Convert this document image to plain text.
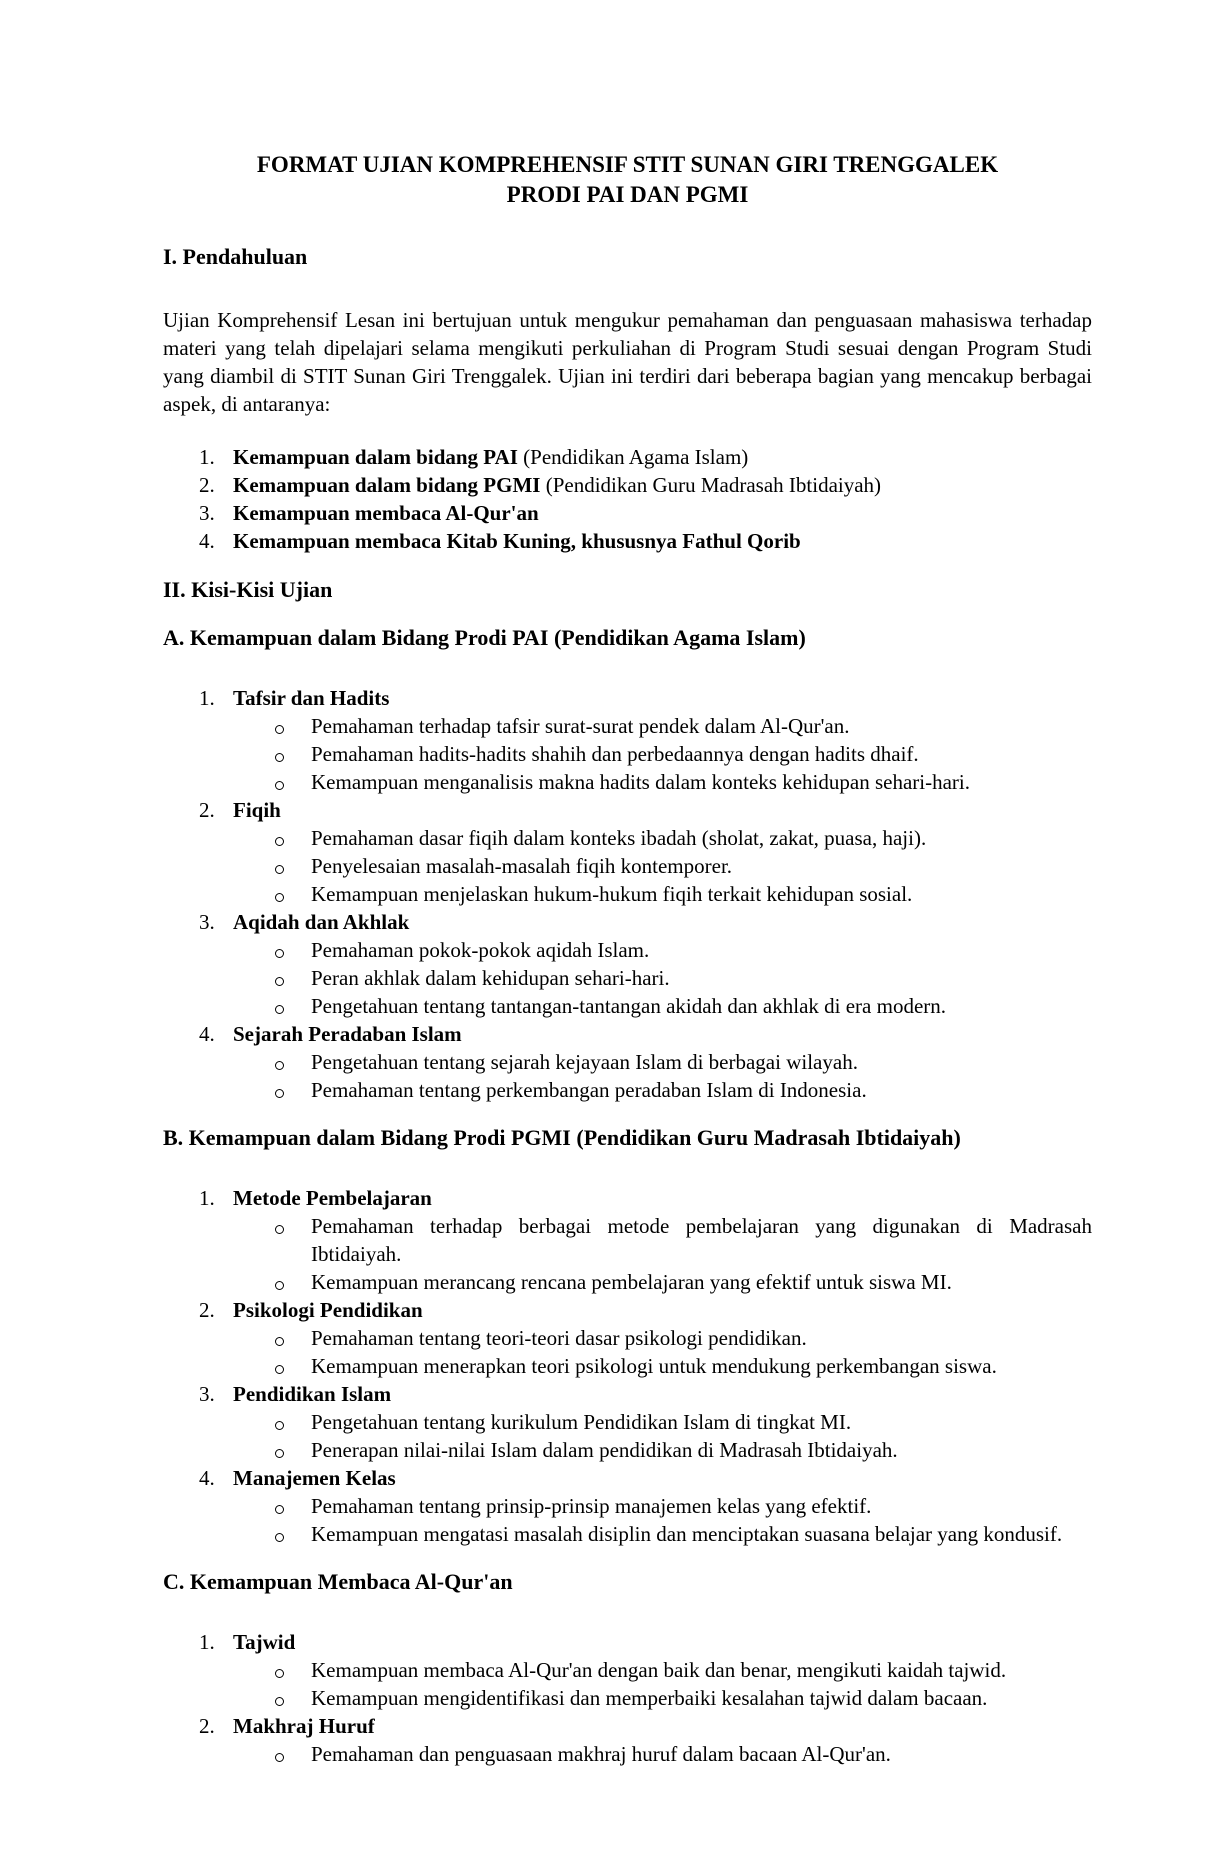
FORMAT UJIAN KOMPREHENSIF STIT SUNAN GIRI TRENGGALEK
PRODI PAI DAN PGMI
I. Pendahuluan
Ujian Komprehensif Lesan ini bertujuan untuk mengukur pemahaman dan penguasaan mahasiswa terhadap materi yang telah dipelajari selama mengikuti perkuliahan di Program Studi sesuai dengan Program Studi yang diambil di STIT Sunan Giri Trenggalek. Ujian ini terdiri dari beberapa bagian yang mencakup berbagai aspek, di antaranya:
1. Kemampuan dalam bidang PAI (Pendidikan Agama Islam)
2. Kemampuan dalam bidang PGMI (Pendidikan Guru Madrasah Ibtidaiyah)
3. Kemampuan membaca Al-Qur'an
4. Kemampuan membaca Kitab Kuning, khususnya Fathul Qorib
II. Kisi-Kisi Ujian
A. Kemampuan dalam Bidang Prodi PAI (Pendidikan Agama Islam)
1. Tafsir dan Hadits
Pemahaman terhadap tafsir surat-surat pendek dalam Al-Qur'an.
Pemahaman hadits-hadits shahih dan perbedaannya dengan hadits dhaif.
Kemampuan menganalisis makna hadits dalam konteks kehidupan sehari-hari.
2. Fiqih
Pemahaman dasar fiqih dalam konteks ibadah (sholat, zakat, puasa, haji).
Penyelesaian masalah-masalah fiqih kontemporer.
Kemampuan menjelaskan hukum-hukum fiqih terkait kehidupan sosial.
3. Aqidah dan Akhlak
Pemahaman pokok-pokok aqidah Islam.
Peran akhlak dalam kehidupan sehari-hari.
Pengetahuan tentang tantangan-tantangan akidah dan akhlak di era modern.
4. Sejarah Peradaban Islam
Pengetahuan tentang sejarah kejayaan Islam di berbagai wilayah.
Pemahaman tentang perkembangan peradaban Islam di Indonesia.
B. Kemampuan dalam Bidang Prodi PGMI (Pendidikan Guru Madrasah Ibtidaiyah)
1. Metode Pembelajaran
Pemahaman terhadap berbagai metode pembelajaran yang digunakan di Madrasah Ibtidaiyah.
Kemampuan merancang rencana pembelajaran yang efektif untuk siswa MI.
2. Psikologi Pendidikan
Pemahaman tentang teori-teori dasar psikologi pendidikan.
Kemampuan menerapkan teori psikologi untuk mendukung perkembangan siswa.
3. Pendidikan Islam
Pengetahuan tentang kurikulum Pendidikan Islam di tingkat MI.
Penerapan nilai-nilai Islam dalam pendidikan di Madrasah Ibtidaiyah.
4. Manajemen Kelas
Pemahaman tentang prinsip-prinsip manajemen kelas yang efektif.
Kemampuan mengatasi masalah disiplin dan menciptakan suasana belajar yang kondusif.
C. Kemampuan Membaca Al-Qur'an
1. Tajwid
Kemampuan membaca Al-Qur'an dengan baik dan benar, mengikuti kaidah tajwid.
Kemampuan mengidentifikasi dan memperbaiki kesalahan tajwid dalam bacaan.
2. Makhraj Huruf
Pemahaman dan penguasaan makhraj huruf dalam bacaan Al-Qur'an.
